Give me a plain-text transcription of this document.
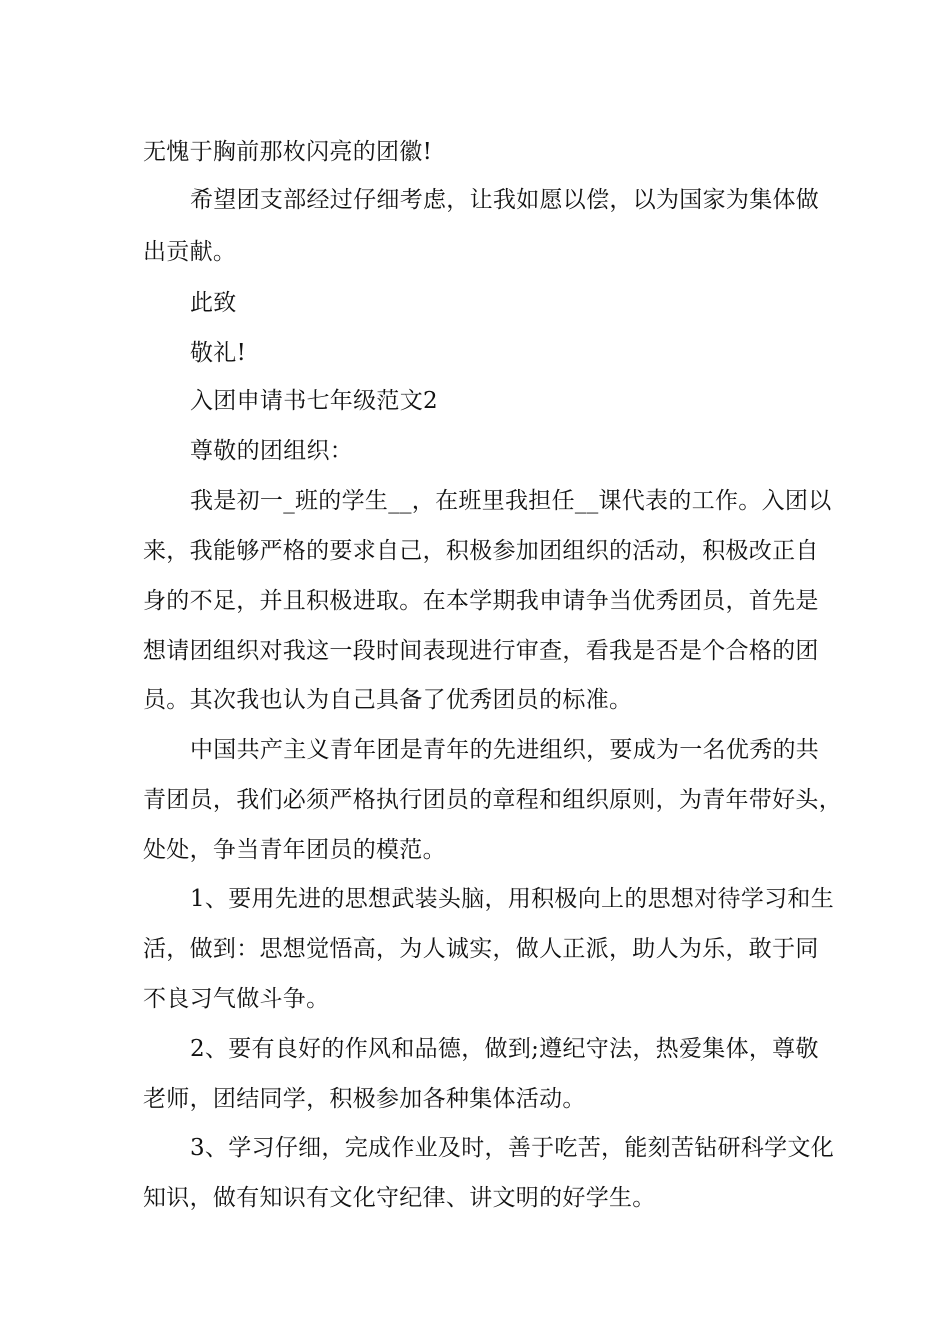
无愧于胸前那枚闪亮的团徽!
希望团支部经过仔细考虑，让我如愿以偿，以为国家为集体做
出贡献。
此致
敬礼!
入团申请书七年级范文2
尊敬的团组织：
我是初一_班的学生__，在班里我担任__课代表的工作。入团以
来，我能够严格的要求自己，积极参加团组织的活动，积极改正自
身的不足，并且积极进取。在本学期我申请争当优秀团员，首先是
想请团组织对我这一段时间表现进行审查，看我是否是个合格的团
员。其次我也认为自己具备了优秀团员的标准。
中国共产主义青年团是青年的先进组织，要成为一名优秀的共
青团员，我们必须严格执行团员的章程和组织原则，为青年带好头，
处处，争当青年团员的模范。
1、要用先进的思想武装头脑，用积极向上的思想对待学习和生
活，做到：思想觉悟高，为人诚实，做人正派，助人为乐，敢于同
不良习气做斗争。
2、要有良好的作风和品德，做到;遵纪守法，热爱集体，尊敬
老师，团结同学，积极参加各种集体活动。
3、学习仔细，完成作业及时，善于吃苦，能刻苦钻研科学文化
知识，做有知识有文化守纪律、讲文明的好学生。
